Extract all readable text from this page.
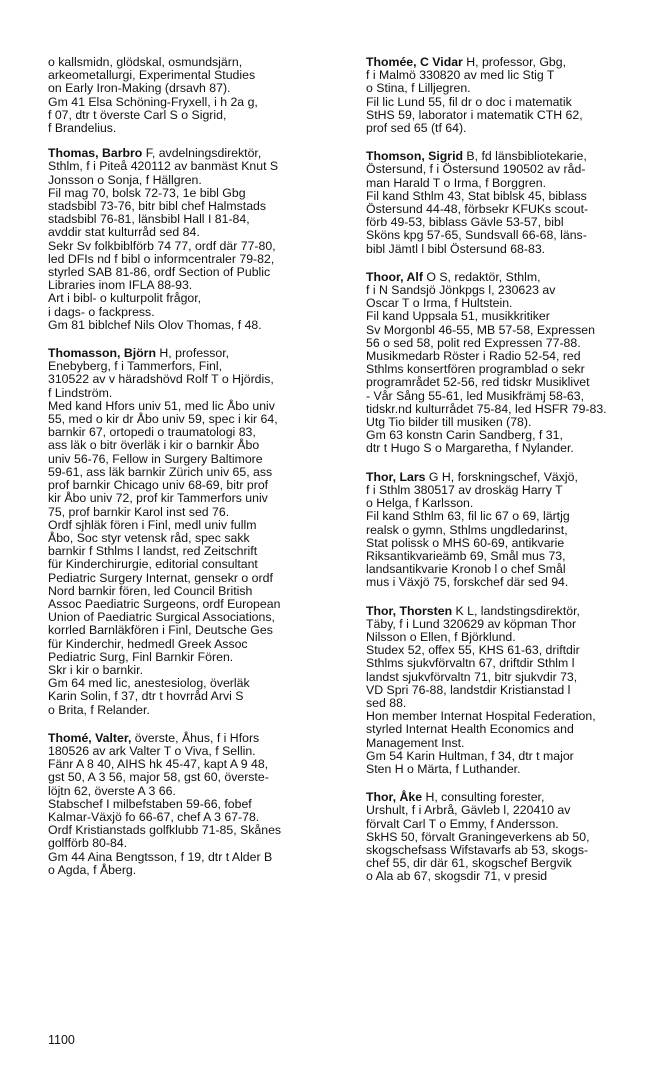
o kallsmidn, glödskal, osmundsjärn,
arkeometallurgi, Experimental Studies
on Early Iron-Making (drsavh 87).
Gm 41 Elsa Schöning-Fryxell, i h 2a g,
f 07, dtr t överste Carl S o Sigrid,
f Brandelius.
Thomas, Barbro F, avdelningsdirektör,
Sthlm, f i Piteå 420112 av banmäst Knut S
Jonsson o Sonja, f Hällgren.
Fil mag 70, bolsk 72-73, 1e bibl Gbg
stadsbibl 73-76, bitr bibl chef Halmstads
stadsbibl 76-81, länsbibl Hall I 81-84,
avddir stat kulturråd sed 84.
Sekr Sv folkbiblförb 74 77, ordf där 77-80,
led DFIs nd f bibl o informcentraler 79-82,
styrled SAB 81-86, ordf Section of Public
Libraries inom IFLA 88-93.
Art i bibl- o kulturpolit frågor,
i dags- o fackpress.
Gm 81 biblchef Nils Olov Thomas, f 48.
Thomasson, Björn H, professor,
Enebyberg, f i Tammerfors, Finl,
310522 av v häradshövd Rolf T o Hjördis,
f Lindström.
Med kand Hfors univ 51, med lic Åbo univ
55, med o kir dr Åbo univ 59, spec i kir 64,
barnkir 67, ortopedi o traumatologi 83,
ass läk o bitr överläk i kir o barnkir Åbo
univ 56-76, Fellow in Surgery Baltimore
59-61, ass läk barnkir Zürich univ 65, ass
prof barnkir Chicago univ 68-69, bitr prof
kir Åbo univ 72, prof kir Tammerfors univ
75, prof barnkir Karol inst sed 76.
Ordf sjhläk fören i Finl, medl univ fullm
Åbo, Soc styr vetensk råd, spec sakk
barnkir f Sthlms l landst, red Zeitschrift
für Kinderchirurgie, editorial consultant
Pediatric Surgery Internat, gensekr o ordf
Nord barnkir fören, led Council British
Assoc Paediatric Surgeons, ordf European
Union of Paediatric Surgical Associations,
korrled Barnläkfören i Finl, Deutsche Ges
für Kinderchir, hedmedl Greek Assoc
Pediatric Surg, Finl Barnkir Fören.
Skr i kir o barnkir.
Gm 64 med lic, anestesiolog, överläk
Karin Solin, f 37, dtr t hovrråd Arvi S
o Brita, f Relander.
Thomé, Valter, överste, Åhus, f i Hfors
180526 av ark Valter T o Viva, f Sellin.
Fänr A 8 40, AIHS hk 45-47, kapt A 9 48,
gst 50, A 3 56, major 58, gst 60, överste-
löjtn 62, överste A 3 66.
Stabschef I milbefstaben 59-66, fobef
Kalmar-Växjö fo 66-67, chef A 3 67-78.
Ordf Kristianstads golfklubb 71-85, Skånes
golfförb 80-84.
Gm 44 Aina Bengtsson, f 19, dtr t Alder B
o Agda, f Åberg.
Thomée, C Vidar H, professor, Gbg,
f i Malmö 330820 av med lic Stig T
o Stina, f Lilljegren.
Fil lic Lund 55, fil dr o doc i matematik
StHS 59, laborator i matematik CTH 62,
prof sed 65 (tf 64).
Thomson, Sigrid B, fd länsbibliotekarie,
Östersund, f i Östersund 190502 av råd-
man Harald T o Irma, f Borggren.
Fil kand Sthlm 43, Stat biblsk 45, biblass
Östersund 44-48, förbsekr KFUKs scout-
förb 49-53, biblass Gävle 53-57, bibl
Sköns kpg 57-65, Sundsvall 66-68, läns-
bibl Jämtl l bibl Östersund 68-83.
Thoor, Alf O S, redaktör, Sthlm,
f i N Sandsjö Jönkpgs l, 230623 av
Oscar T o Irma, f Hultstein.
Fil kand Uppsala 51, musikkritiker
Sv Morgonbl 46-55, MB 57-58, Expressen
56 o sed 58, polit red Expressen 77-88.
Musikmedarb Röster i Radio 52-54, red
Sthlms konsertfören programblad o sekr
programrådet 52-56, red tidskr Musiklivet
- Vår Sång 55-61, led Musikfrämj 58-63,
tidskr.nd kulturrådet 75-84, led HSFR 79-83.
Utg Tio bilder till musiken (78).
Gm 63 konstn Carin Sandberg, f 31,
dtr t Hugo S o Margaretha, f Nylander.
Thor, Lars G H, forskningschef, Växjö,
f i Sthlm 380517 av droskäg Harry T
o Helga, f Karlsson.
Fil kand Sthlm 63, fil lic 67 o 69, lärtjg
realsk o gymn, Sthlms ungdledarinst,
Stat polissk o MHS 60-69, antikvarie
Riksantikvarieämb 69, Smål mus 73,
landsantikvarie Kronob l o chef Smål
mus i Växjö 75, forskchef där sed 94.
Thor, Thorsten K L, landstingsdirektör,
Täby, f i Lund 320629 av köpman Thor
Nilsson o Ellen, f Björklund.
Studex 52, offex 55, KHS 61-63, driftdir
Sthlms sjukvförvaltn 67, driftdir Sthlm l
landst sjukvförvaltn 71, bitr sjukvdir 73,
VD Spri 76-88, landstdir Kristianstad l
sed 88.
Hon member Internat Hospital Federation,
styrled Internat Health Economics and
Management Inst.
Gm 54 Karin Hultman, f 34, dtr t major
Sten H o Märta, f Luthander.
Thor, Åke H, consulting forester,
Urshult, f i Arbrå, Gävleb l, 220410 av
förvalt Carl T o Emmy, f Andersson.
SkHS 50, förvalt Graningeverkens ab 50,
skogschefsass Wifstavarfs ab 53, skogs-
chef 55, dir där 61, skogschef Bergvik
o Ala ab 67, skogsdir 71, v presid
1100
